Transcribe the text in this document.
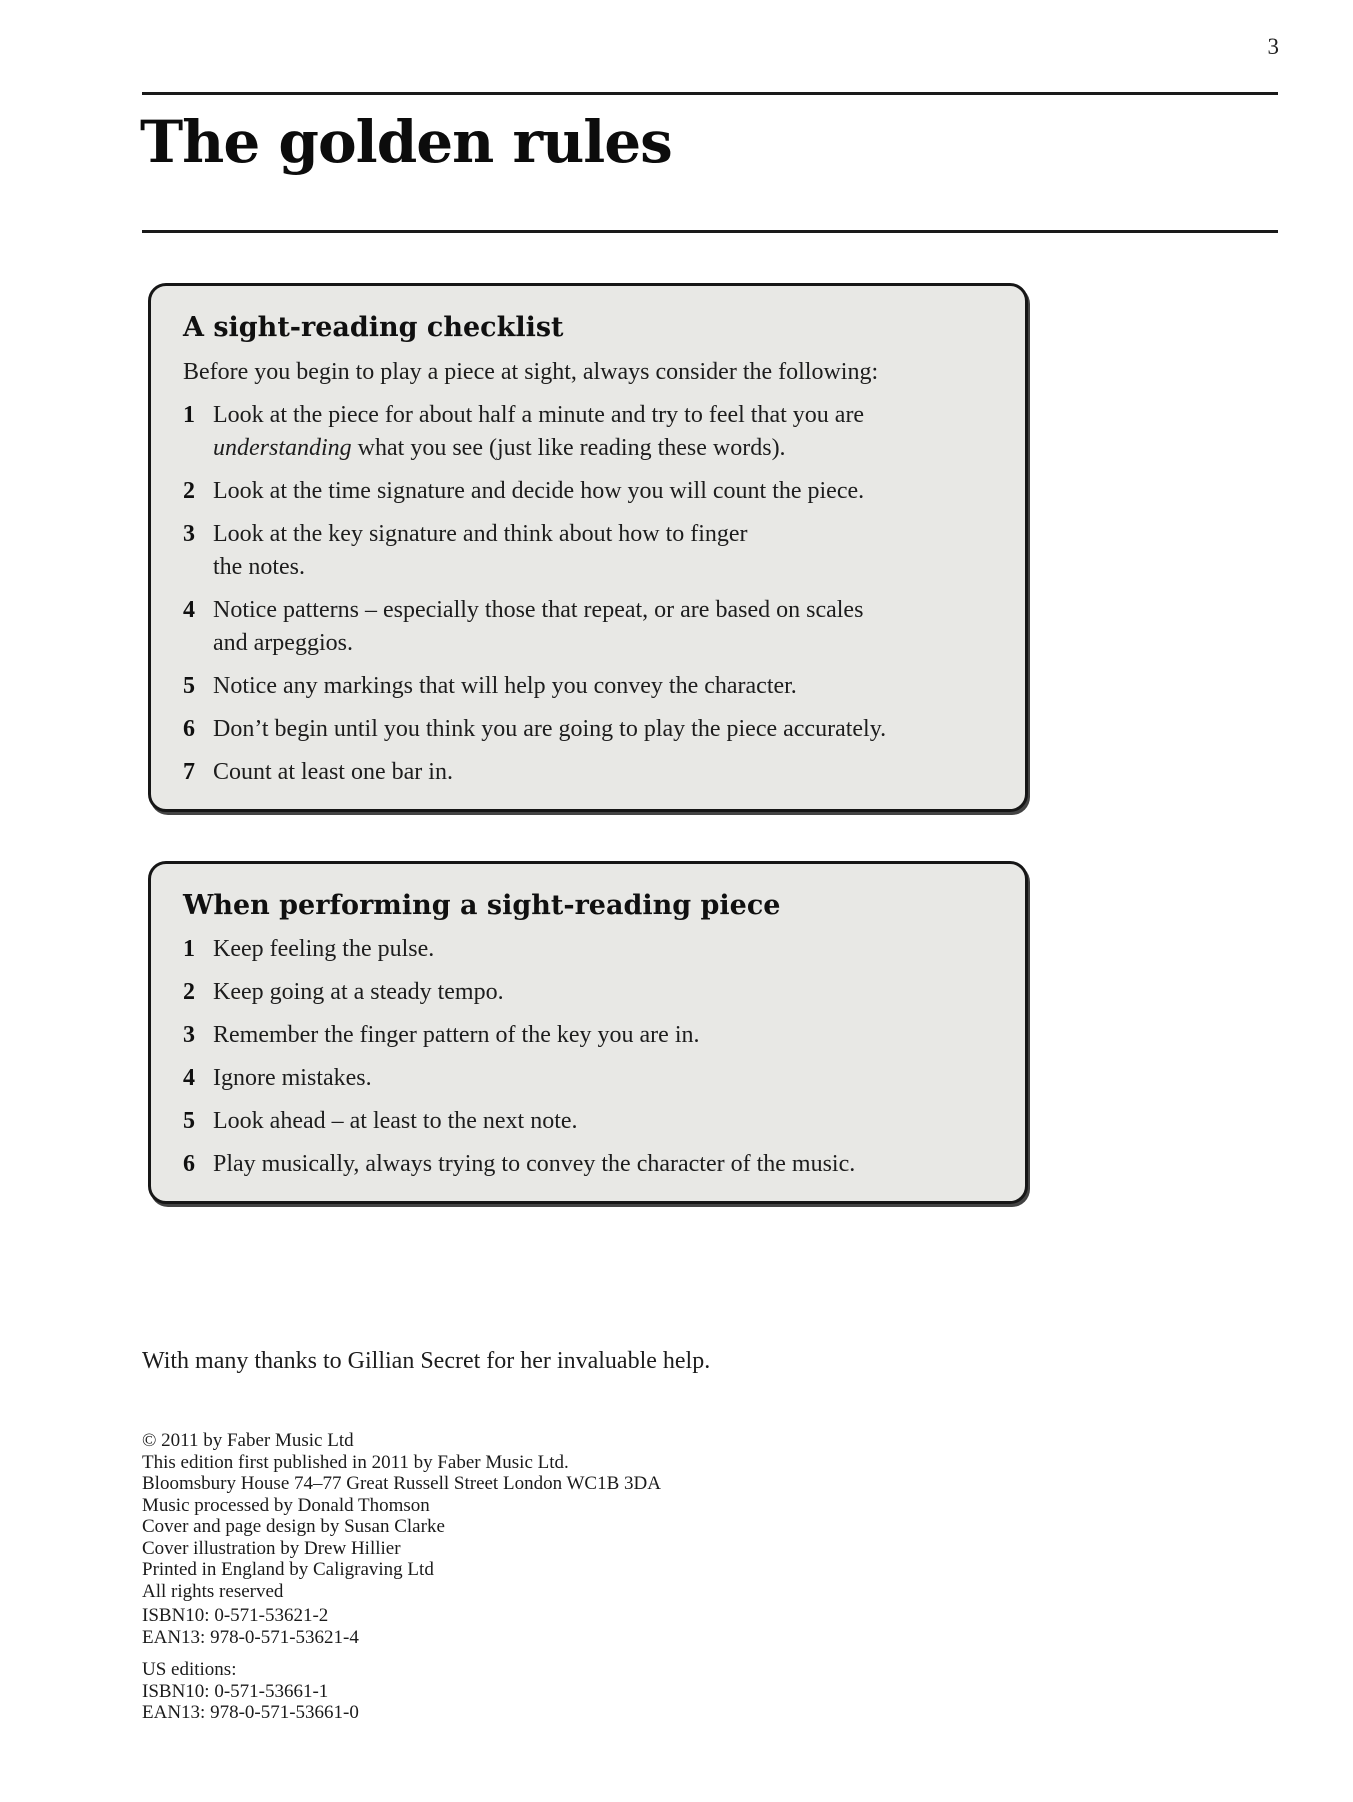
3
The golden rules
A sight-reading checklist

Before you begin to play a piece at sight, always consider the following:

1 Look at the piece for about half a minute and try to feel that you are
understanding what you see (just like reading these words).
2 Look at the time signature and decide how you will count the piece.
3 Look at the key signature and think about how to finger
the notes.
4 Notice patterns – especially those that repeat, or are based on scales
and arpeggios.
5 Notice any markings that will help you convey the character.
6 Don’t begin until you think you are going to play the piece accurately.
7 Count at least one bar in.
When performing a sight-reading piece
1 Keep feeling the pulse.
2 Keep going at a steady tempo.
3 Remember the finger pattern of the key you are in.
4 Ignore mistakes.
5 Look ahead – at least to the next note.
6 Play musically, always trying to convey the character of the music.

With many thanks to Gillian Secret for her invaluable help.

© 2011 by Faber Music Ltd
This edition first published in 2011 by Faber Music Ltd.
Bloomsbury House 74–77 Great Russell Street London WC1B 3DA
Music processed by Donald Thomson
Cover and page design by Susan Clarke
Cover illustration by Drew Hillier
Printed in England by Caligraving Ltd
All rights reserved
ISBN10: 0-571-53621-2
EAN13: 978-0-571-53621-4
US editions:
ISBN10: 0-571-53661-1
EAN13: 978-0-571-53661-0
